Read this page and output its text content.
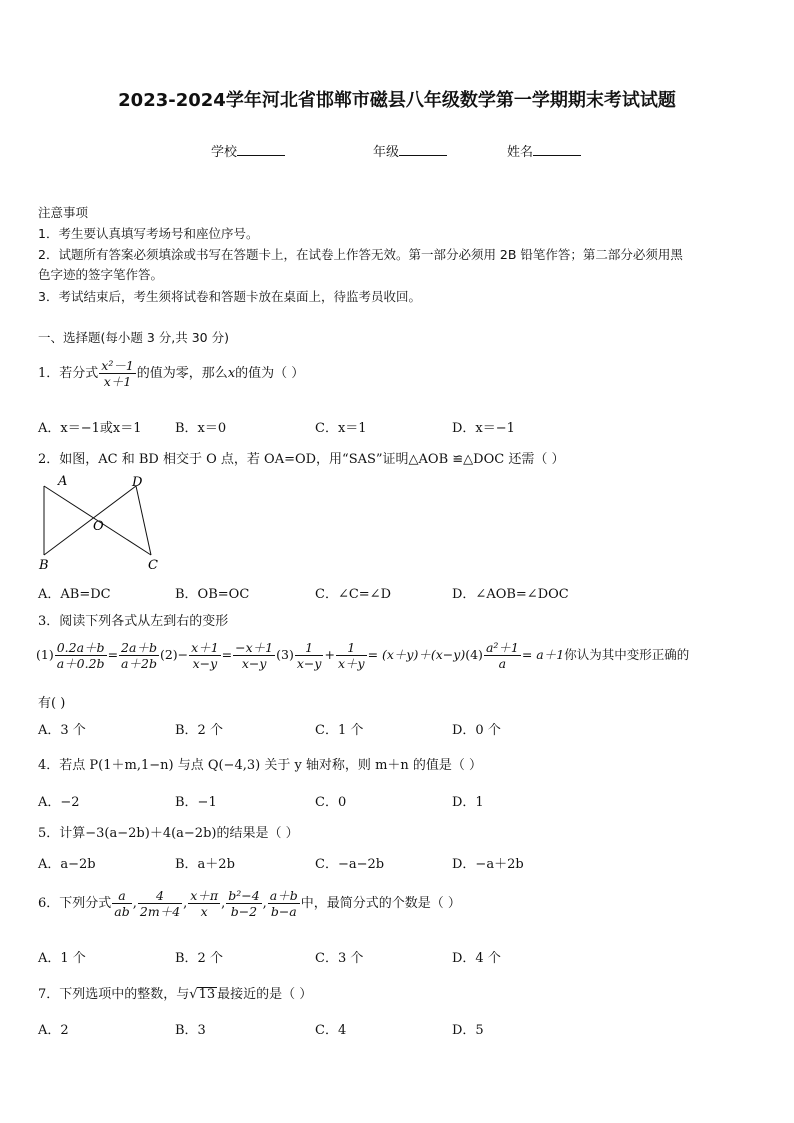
2023-2024学年河北省邯郸市磁县八年级数学第一学期期末考试试题
学校	年级	姓名
注意事项
1．考生要认真填写考场号和座位序号。
2．试题所有答案必须填涂或书写在答题卡上，在试卷上作答无效。第一部分必须用 2B 铅笔作答；第二部分必须用黑
色字迹的签字笔作答。
3．考试结束后，考生须将试卷和答题卡放在桌面上，待监考员收回。
一、选择题(每小题 3 分,共 30 分)
1．若分式 $\frac{\text{x²－1}}{x+1}$ 的值为零，那么x的值为（ ）
A．x＝−1或x＝1	B．x＝0	C．x＝1	D．x＝−1
2．如图，AC 和 BD 相交于 O 点，若 OA=OD，用“SAS”证明△AOB ≌△DOC 还需（ ）
A	D
O
B	C
A．AB=DC	B．OB=OC	C．∠C=∠D	D．∠AOB=∠DOC
3．阅读下列各式从左到右的变形
$(1) \frac{0.2a+b}{a+0.2b} = \frac{2a+b}{a+2b} (2)- \frac{x+1}{x-y} = \frac{-x+1}{x-y} (3) \frac{1}{x-y} + \frac{1}{x+y} = (x+y)+(x-y)(4) \frac{\text{a²＋1}}{a} = a+1$你认为其中变形正确的
有( )
A．3 个	B．2 个	C．1 个	D．0 个
4．若点 P(1＋m,1−n) 与点 Q(−4,3) 关于 y 轴对称，则 m＋n 的值是（ ）
A．−2	B．−1	C．0	D．1
5．计算−3(a−2b)＋4(a−2b)的结果是（ ）
A．a−2b	B．a＋2b	C．−a−2b	D．−a＋2b
6．下列分式 $\frac{a}{ab}$ , $\frac{4}{2m+4}$ , $\frac{x+\pi}{x}$ , $\frac{\text{b²−4}}{b-2}$ , $\frac{a+b}{b-a}$ 中，最简分式的个数是（ ）
A．1 个	B．2 个	C．3 个	D．4 个
7．下列选项中的整数，与√13 最接近的是（ ）
A．2	B．3	C．4	D．5
